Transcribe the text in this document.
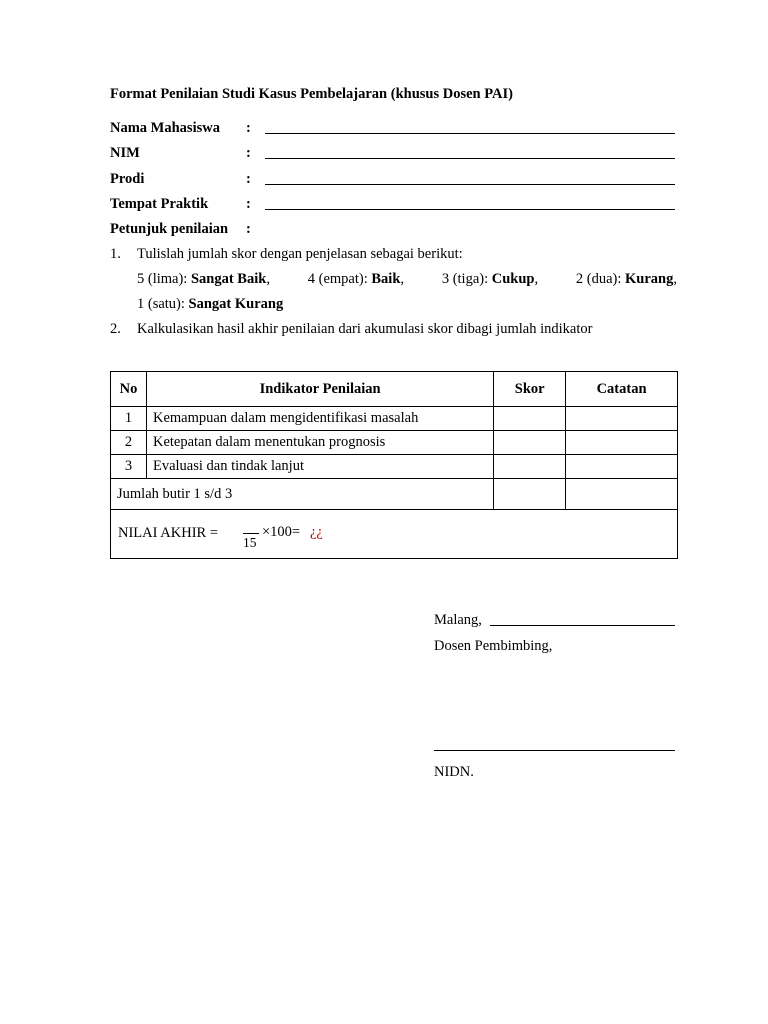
Format Penilaian Studi Kasus Pembelajaran (khusus Dosen PAI)
Nama Mahasiswa :
NIM	:
Prodi	:
Tempat Praktik	:
Petunjuk penilaian :
1. Tulislah jumlah skor dengan penjelasan sebagai berikut:
5 (lima): Sangat Baik,	4 (empat): Baik,	3 (tiga): Cukup,	2 (dua): Kurang,
1 (satu): Sangat Kurang
2. Kalkulasikan hasil akhir penilaian dari akumulasi skor dibagi jumlah indikator
No	Indikator Penilaian	Skor	Catatan
1	Kemampuan dalam mengidentifikasi masalah		
2	Ketepatan dalam menentukan prognosis		
3	Evaluasi dan tindak lanjut		
Jumlah butir 1 s/d 3			

NILAI AKHIR =
15
×100= ¿¿			
Malang,
Dosen Pembimbing,
NIDN.
